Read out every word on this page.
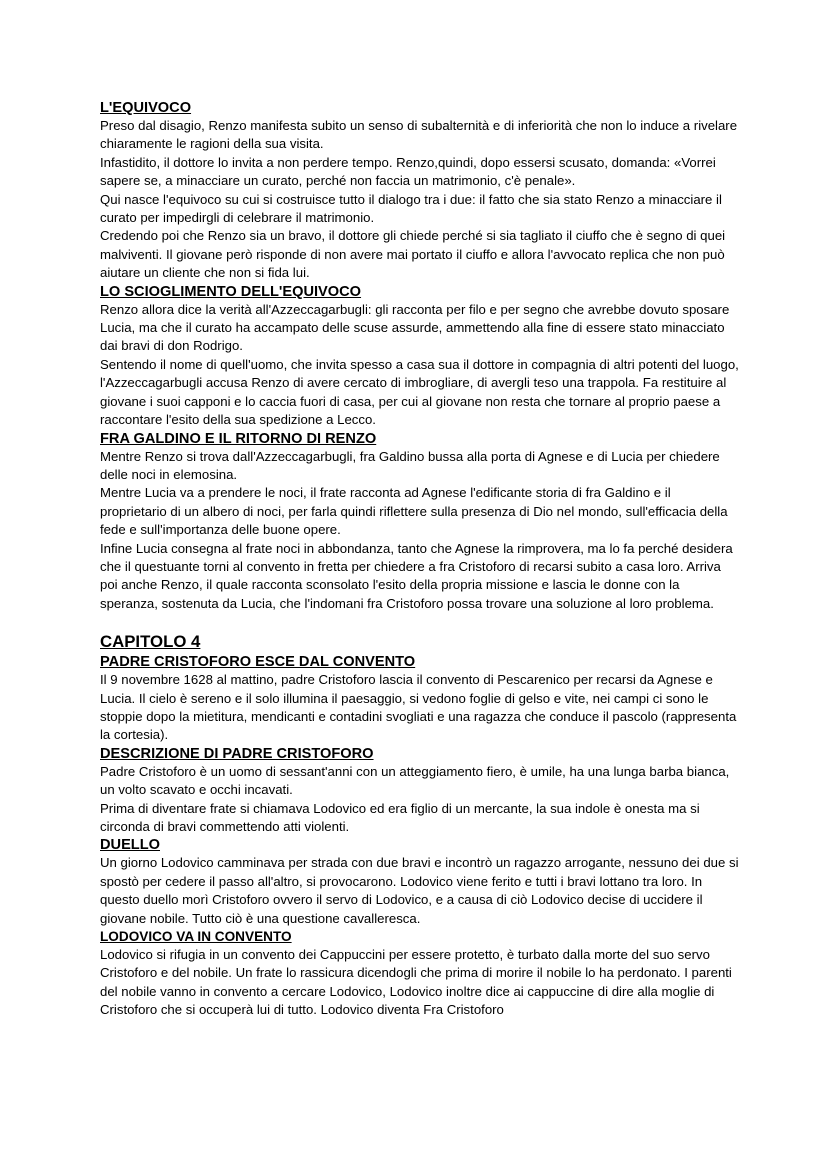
L'EQUIVOCO

Preso dal disagio, Renzo manifesta subito un senso di subalternità e di inferiorità che non lo induce a rivelare chiaramente le ragioni della sua visita.

Infastidito, il dottore lo invita a non perdere tempo. Renzo,quindi, dopo essersi scusato, domanda: «Vorrei sapere se, a minacciare un curato, perché non faccia un matrimonio, c'è penale».

Qui nasce l'equivoco su cui si costruisce tutto il dialogo tra i due: il fatto che sia stato Renzo a minacciare il curato per impedirgli di celebrare il matrimonio.

Credendo poi che Renzo sia un bravo, il dottore gli chiede perché si sia tagliato il ciuffo che è segno di quei malviventi. Il giovane però risponde di non avere mai portato il ciuffo e allora l'avvocato replica che non può aiutare un cliente che non si fida lui.

LO SCIOGLIMENTO DELL'EQUIVOCO

Renzo allora dice la verità all'Azzeccagarbugli: gli racconta per filo e per segno che avrebbe dovuto sposare Lucia, ma che il curato ha accampato delle scuse assurde, ammettendo alla fine di essere stato minacciato dai bravi di don Rodrigo.

Sentendo il nome di quell'uomo, che invita spesso a casa sua il dottore in compagnia di altri potenti del luogo, l'Azzeccagarbugli accusa Renzo di avere cercato di imbrogliare, di avergli teso una trappola. Fa restituire al giovane i suoi capponi e lo caccia fuori di casa, per cui al giovane non resta che tornare al proprio paese a raccontare l'esito della sua spedizione a Lecco.

FRA GALDINO E IL RITORNO DI RENZO

Mentre Renzo si trova dall'Azzeccagarbugli, fra Galdino bussa alla porta di Agnese e di Lucia per chiedere delle noci in elemosina.

Mentre Lucia va a prendere le noci, il frate racconta ad Agnese l'edificante storia di fra Galdino e il proprietario di un albero di noci, per farla quindi riflettere sulla presenza di Dio nel mondo, sull'efficacia della fede e sull'importanza delle buone opere.

Infine Lucia consegna al frate noci in abbondanza, tanto che Agnese la rimprovera, ma lo fa perché desidera che il questuante torni al convento in fretta per chiedere a fra Cristoforo di recarsi subito a casa loro. Arriva poi anche Renzo, il quale racconta sconsolato l'esito della propria missione e lascia le donne con la speranza, sostenuta da Lucia, che l'indomani fra Cristoforo possa trovare una soluzione al loro problema.

CAPITOLO 4
PADRE CRISTOFORO ESCE DAL CONVENTO

Il 9 novembre 1628 al mattino, padre Cristoforo lascia il convento di Pescarenico per recarsi da Agnese e Lucia. Il cielo è sereno e il solo illumina il paesaggio, si vedono foglie di gelso e vite, nei campi ci sono le stoppie dopo la mietitura, mendicanti e contadini svogliati e una ragazza che conduce il pascolo (rappresenta la cortesia).

DESCRIZIONE DI PADRE CRISTOFORO

Padre Cristoforo è un uomo di sessant'anni con un atteggiamento fiero, è umile, ha una lunga barba bianca, un volto scavato e occhi incavati.

Prima di diventare frate si chiamava Lodovico ed era figlio di un mercante, la sua indole è onesta ma si circonda di bravi commettendo atti violenti.

DUELLO

Un giorno Lodovico camminava per strada con due bravi e incontrò un ragazzo arrogante, nessuno dei due si spostò per cedere il passo all'altro, si provocarono. Lodovico viene ferito e tutti i bravi lottano tra loro. In questo duello morì Cristoforo ovvero il servo di Lodovico, e a causa di ciò Lodovico decise di uccidere il giovane nobile. Tutto ciò è una questione cavalleresca.

LODOVICO VA IN CONVENTO

Lodovico si rifugia in un convento dei Cappuccini per essere protetto, è turbato dalla morte del suo servo Cristoforo e del nobile. Un frate lo rassicura dicendogli che prima di morire il nobile lo ha perdonato. I parenti del nobile vanno in convento a cercare Lodovico, Lodovico inoltre dice ai cappuccine di dire alla moglie di Cristoforo che si occuperà lui di tutto. Lodovico diventa Fra Cristoforo
